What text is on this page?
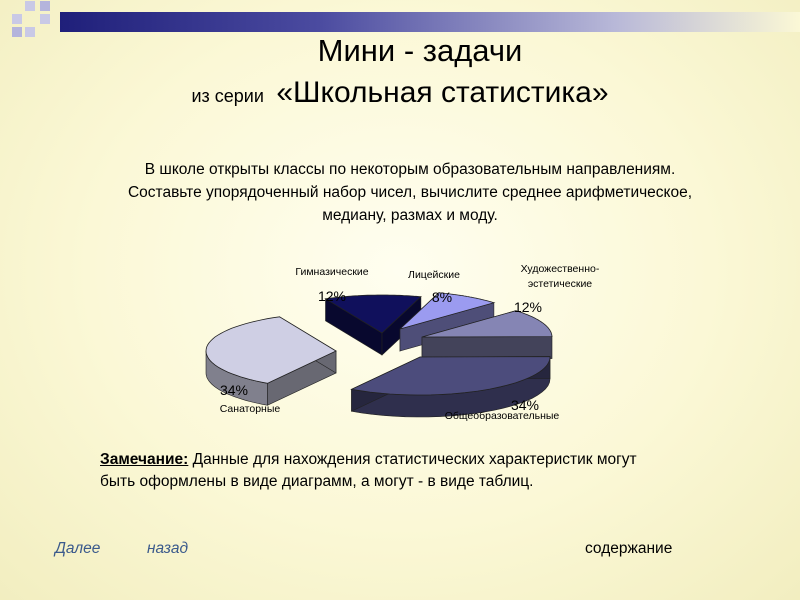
Мини - задачи
из серии «Школьная статистика»
В школе открыты классы по некоторым образовательным направлениям.
Составьте упорядоченный набор чисел, вычислите среднее арифметическое,
медиану, размах и моду.
Гимназические
12%
Лицейские
8%
Художественно-
эстетические
12%
Общеобразовательные
34%
Санаторные
34%
Замечание: Данные для нахождения статистических характеристик могут
быть оформлены в виде диаграмм, а могут - в виде таблиц.
Далее	назад	содержание
